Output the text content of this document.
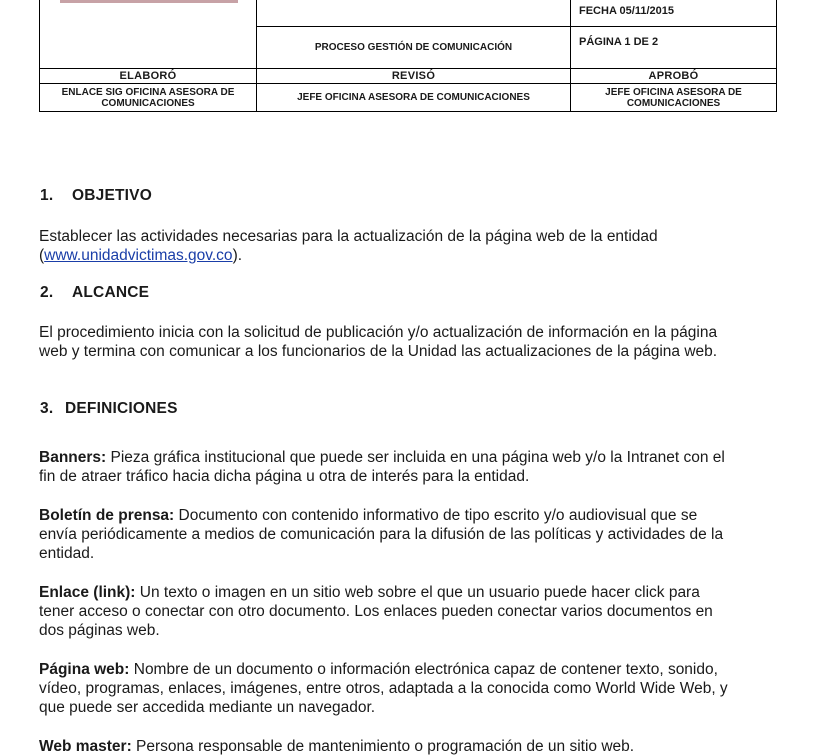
		FECHA 05/11/2015

	PROCESO GESTIÓN DE COMUNICACIÓN	PÁGINA 1 DE 2

ELABORÓ	REVISÓ	APROBÓ
ENLACE SIG OFICINA ASESORA DE COMUNICACIONES	JEFE OFICINA ASESORA DE COMUNICACIONES	JEFE OFICINA ASESORA DE COMUNICACIONES
1. OBJETIVO
Establecer las actividades necesarias para la actualización de la página web de la entidad (www.unidadvictimas.gov.co).
2. ALCANCE
El procedimiento inicia con la solicitud de publicación y/o actualización de información en la página web y termina con comunicar a los funcionarios de la Unidad las actualizaciones de la página web.
3. DEFINICIONES
Banners: Pieza gráfica institucional que puede ser incluida en una página web y/o la Intranet con el fin de atraer tráfico hacia dicha página u otra de interés para la entidad.
Boletín de prensa: Documento con contenido informativo de tipo escrito y/o audiovisual que se envía periódicamente a medios de comunicación para la difusión de las políticas y actividades de la entidad.
Enlace (link): Un texto o imagen en un sitio web sobre el que un usuario puede hacer click para tener acceso o conectar con otro documento. Los enlaces pueden conectar varios documentos en dos páginas web.
Página web: Nombre de un documento o información electrónica capaz de contener texto, sonido, vídeo, programas, enlaces, imágenes, entre otros, adaptada a la conocida como World Wide Web, y que puede ser accedida mediante un navegador.
Web master: Persona responsable de mantenimiento o programación de un sitio web.
